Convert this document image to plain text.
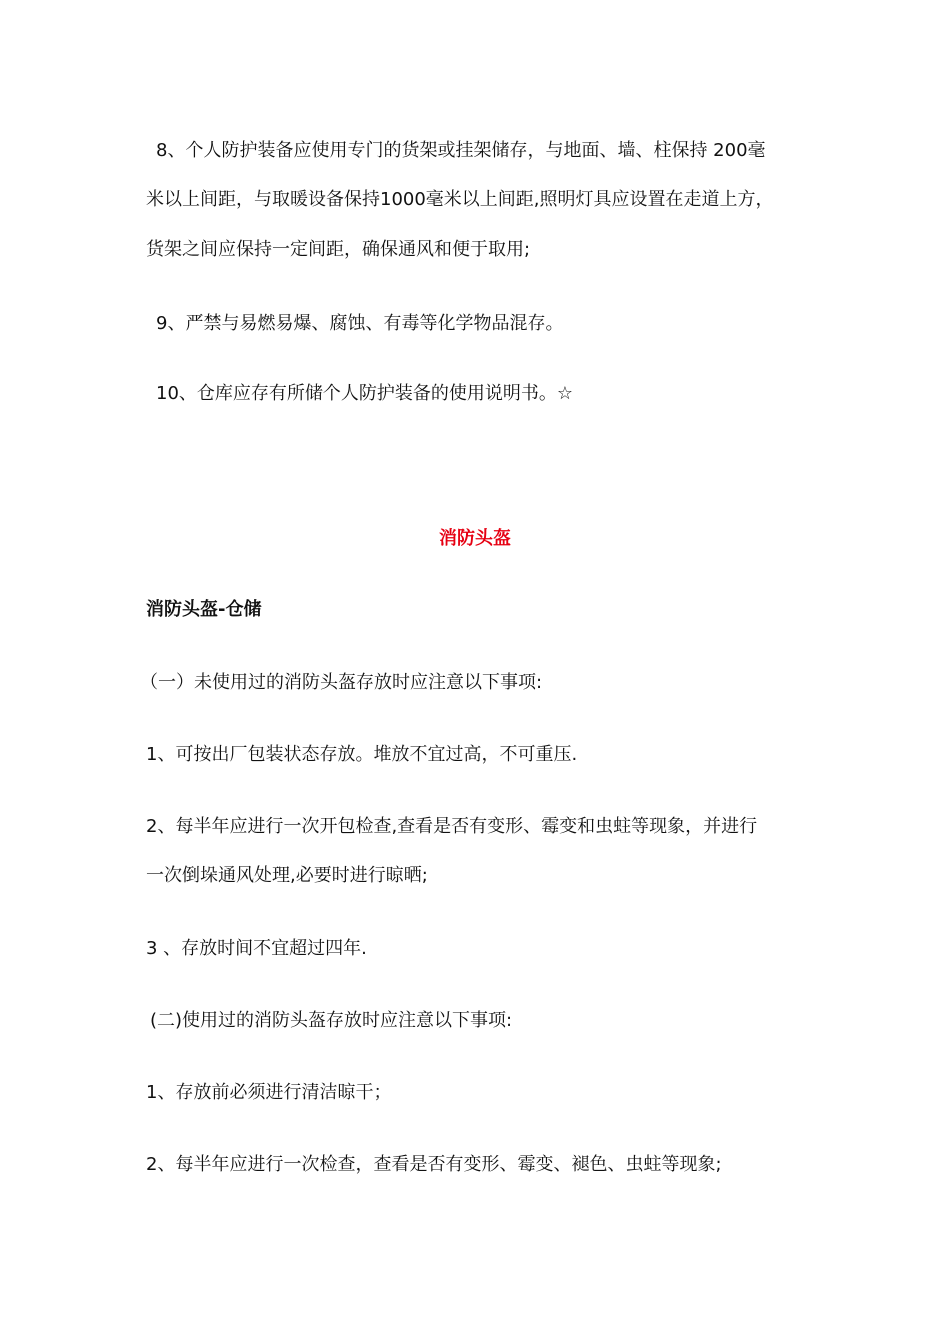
8、个人防护装备应使用专门的货架或挂架储存，与地面、墙、柱保持 200毫

米以上间距，与取暖设备保持1000毫米以上间距,照明灯具应设置在走道上方，

货架之间应保持一定间距，确保通风和便于取用;

9、严禁与易燃易爆、腐蚀、有毒等化学物品混存。

10、仓库应存有所储个人防护装备的使用说明书。☆

消防头盔
消防头盔-仓储

（一）未使用过的消防头盔存放时应注意以下事项:

1、可按出厂包装状态存放。堆放不宜过高，不可重压.

2、每半年应进行一次开包检查,查看是否有变形、霉变和虫蛀等现象，并进行

一次倒垛通风处理,必要时进行晾晒;

3 、存放时间不宜超过四年.

(二)使用过的消防头盔存放时应注意以下事项:

1、存放前必须进行清洁晾干；

2、每半年应进行一次检查，查看是否有变形、霉变、褪色、虫蛀等现象;
